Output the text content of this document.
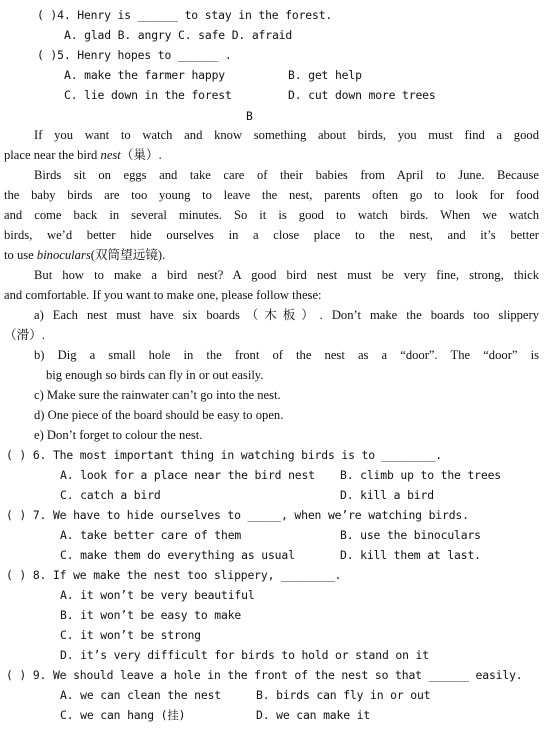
( )4. Henry is ______ to stay in the forest.
A. glad B. angry C. safe D. afraid
( )5. Henry hopes to ______ .
A. make the farmer happy	B. get help
C. lie down in the forest	D. cut down more trees
B
If you want to watch and know something about birds, you must find a good
place near the bird nest（巢）.
Birds sit on eggs and take care of their babies from April to June. Because
the baby birds are too young to leave the nest, parents often go to look for food
and come back in several minutes. So it is good to watch birds. When we watch
birds, we’d better hide ourselves in a close place to the nest, and it’s better
to use binoculars(双筒望远镜).
But how to make a bird nest? A good bird nest must be very fine, strong, thick
and comfortable. If you want to make one, please follow these:
a) Each nest must have six boards（木板）. Don’t make the boards too slippery
（滑）.
b) Dig a small hole in the front of the nest as a “door”. The “door” is
big enough so birds can fly in or out easily.
c) Make sure the rainwater can’t go into the nest.
d) One piece of the board should be easy to open.
e) Don’t forget to colour the nest.
( ) 6. The most important thing in watching birds is to ________.
A. look for a place near the bird nest B. climb up to the trees
C. catch a bird	D. kill a bird
( ) 7. We have to hide ourselves to _____, when we’re watching birds.
A. take better care of them	B. use the binoculars
C. make them do everything as usual	D. kill them at last.
( ) 8. If we make the nest too slippery, ________.
A. it won’t be very beautiful
B. it won’t be easy to make
C. it won’t be strong
D. it’s very difficult for birds to hold or stand on it
( ) 9. We should leave a hole in the front of the nest so that ______ easily.
A. we can clean the nest	B. birds can fly in or out
C. we can hang (挂)	D. we can make it
